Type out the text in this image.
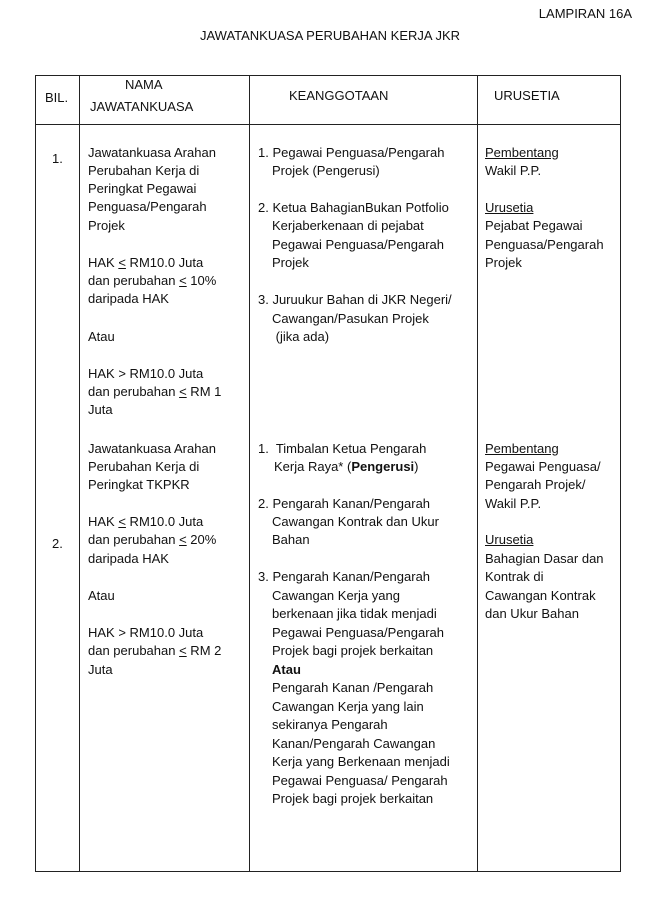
LAMPIRAN 16A
JAWATANKUASA PERUBAHAN KERJA JKR
BIL.
NAMA
JAWATANKUASA
KEANGGOTAAN	URUSETIA
1. Jawatankuasa Arahan
Perubahan Kerja di
Peringkat Pegawai
Penguasa/Pengarah
Projek
HAK < RM10.0 Juta
dan perubahan ≤ 10%
daripada HAK
Atau
HAK > RM10.0 Juta
dan perubahan < RM 1
Juta
1. Pegawai Penguasa/Pengarah
Projek (Pengerusi)
2. Ketua BahagianBukan Potfolio
Kerjaberkenaan di pejabat
Pegawai Penguasa/Pengarah
Projek
3. Juruukur Bahan di JKR Negeri/
Cawangan/Pasukan Projek
(jika ada)
Pembentang
Wakil P.P.
Urusetia
Pejabat Pegawai
Penguasa/Pengarah
Projek
2.
Jawatankuasa Arahan
Perubahan Kerja di
Peringkat TKPKR
HAK < RM10.0 Juta
dan perubahan ≤ 20%
daripada HAK
Atau
HAK > RM10.0 Juta
dan perubahan < RM 2
Juta
1.  Timbalan Ketua Pengarah
Kerja Raya* (Pengerusi)
2. Pengarah Kanan/Pengarah
Cawangan Kontrak dan Ukur
Bahan
3. Pengarah Kanan/Pengarah
Cawangan Kerja yang
berkenaan jika tidak menjadi
Pegawai Penguasa/Pengarah
Projek bagi projek berkaitan
Atau
Pengarah Kanan /Pengarah
Cawangan Kerja yang lain
sekiranya Pengarah
Kanan/Pengarah Cawangan
Kerja yang Berkenaan menjadi
Pegawai Penguasa/ Pengarah
Projek bagi projek berkaitan
Pembentang
Pegawai Penguasa/
Pengarah Projek/
Wakil P.P.
Urusetia
Bahagian Dasar dan
Kontrak di
Cawangan Kontrak
dan Ukur Bahan
